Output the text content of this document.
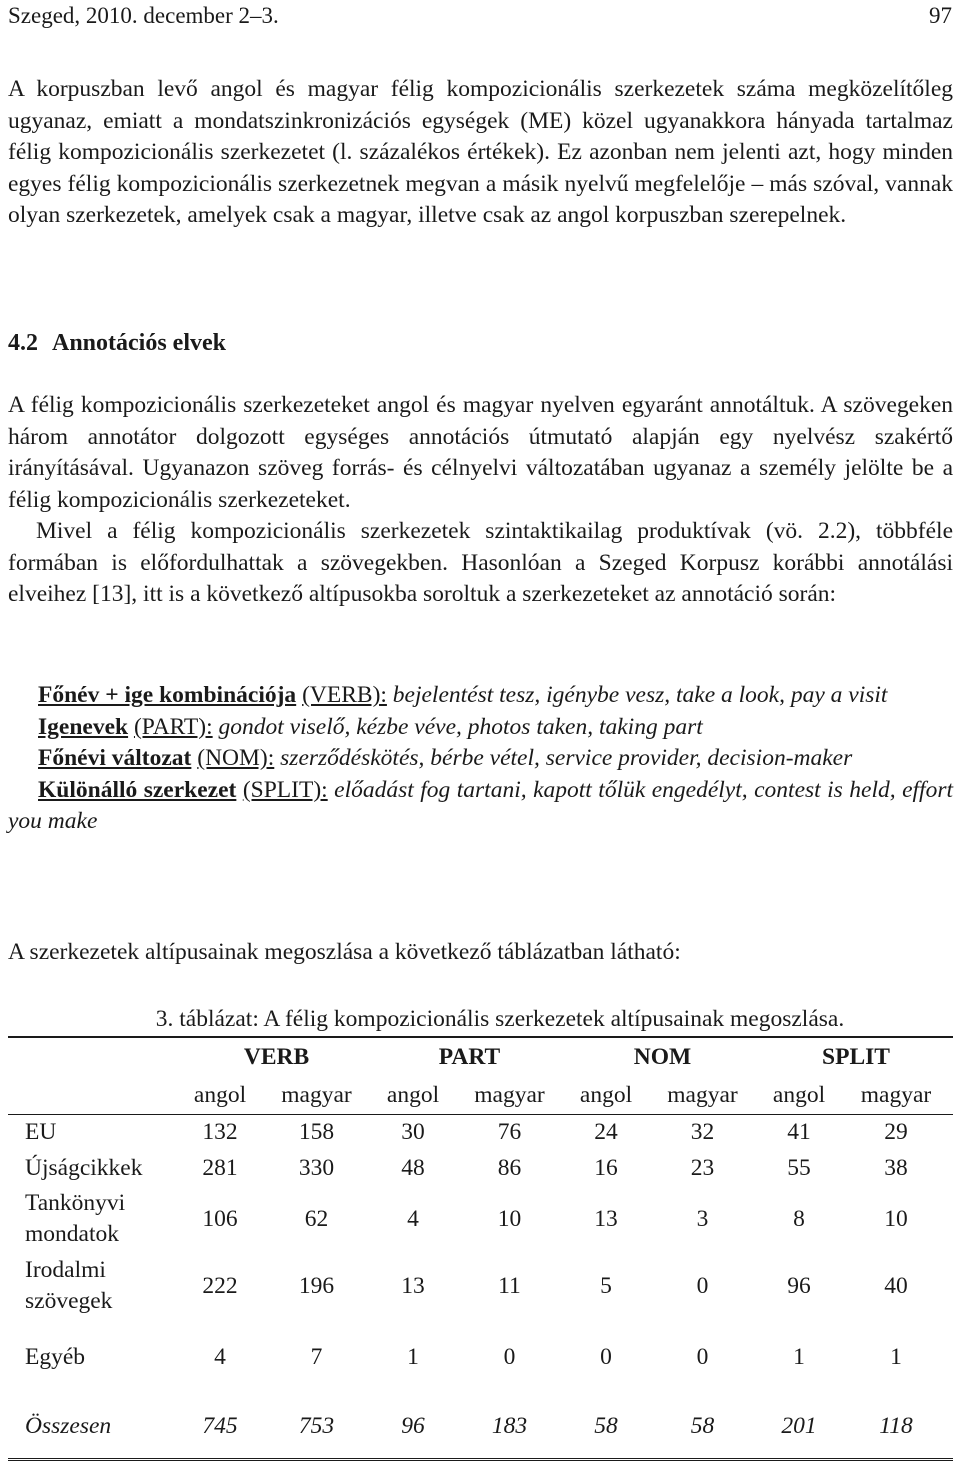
Szeged, 2010. december 2–3.	97

A korpuszban levő angol és magyar félig kompozicionális szerkezetek száma megközelítőleg ugyanaz, emiatt a mondatszinkronizációs egységek (ME) közel ugyanakkora hányada tartalmaz félig kompozicionális szerkezetet (l. százalékos értékek). Ez azonban nem jelenti azt, hogy minden egyes félig kompozicionális szerkezetnek megvan a másik nyelvű megfelelője – más szóval, vannak olyan szerkezetek, amelyek csak a magyar, illetve csak az angol korpuszban szerepelnek.

4.2 Annotációs elvek

A félig kompozicionális szerkezeteket angol és magyar nyelven egyaránt annotáltuk. A szövegeken három annotátor dolgozott egységes annotációs útmutató alapján egy nyelvész szakértő irányításával. Ugyanazon szöveg forrás- és célnyelvi változatában ugyanaz a személy jelölte be a félig kompozicionális szerkezeteket.

Mivel a félig kompozicionális szerkezetek szintaktikailag produktívak (vö. 2.2), többféle formában is előfordulhattak a szövegekben. Hasonlóan a Szeged Korpusz korábbi annotálási elveihez [13], itt is a következő altípusokba soroltuk a szerkezeteket az annotáció során:

Főnév + ige kombinációja (VERB): bejelentést tesz, igénybe vesz, take a look, pay a visit
Igenevek (PART): gondot viselő, kézbe véve, photos taken, taking part
Főnévi változat (NOM): szerződéskötés, bérbe vétel, service provider, decision-maker
Különálló szerkezet (SPLIT): előadást fog tartani, kapott tőlük engedélyt, contest is held, effort you make

A szerkezetek altípusainak megoszlása a következő táblázatban látható:

3. táblázat: A félig kompozicionális szerkezetek altípusainak megoszlása.
	VERB		PART		NOM		SPLIT	
	angol	magyar	angol	magyar	angol	magyar	angol	magyar
EU	132	158	30	76	24	32	41	29
Újságcikkek	281	330	48	86	16	23	55	38
Tankönyvi
mondatok	106	62	4	10	13	3	8	10
Irodalmi
szövegek	222	196	13	11	5	0	96	40
Egyéb	4	7	1	0	0	0	1	1
Összesen	745	753	96	183	58	58	201	118
